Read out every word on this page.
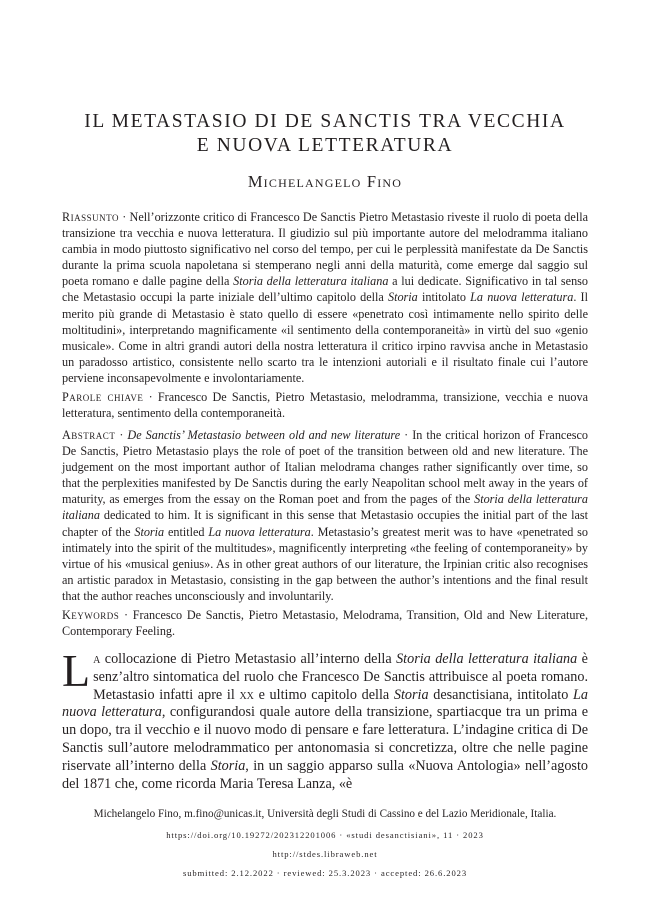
IL METASTASIO DI DE SANCTIS TRA VECCHIA
E NUOVA LETTERATURA
Michelangelo Fino

Riassunto · Nell’orizzonte critico di Francesco De Sanctis Pietro Metastasio riveste il ruolo di poeta della transizione tra vecchia e nuova letteratura. Il giudizio sul più importante autore del melodramma italiano cambia in modo piuttosto significativo nel corso del tempo, per cui le perplessità manifestate da De Sanctis durante la prima scuola napoletana si stemperano negli anni della maturità, come emerge dal saggio sul poeta romano e dalle pagine della Storia della letteratura italiana a lui dedicate. Significativo in tal senso che Metastasio occupi la parte iniziale dell’ultimo capitolo della Storia intitolato La nuova letteratura. Il merito più grande di Metastasio è stato quello di essere «penetrato così intimamente nello spirito delle moltitudini», interpretando magnificamente «il sentimento della contemporaneità» in virtù del suo «genio musicale». Come in altri grandi autori della nostra letteratura il critico irpino ravvisa anche in Metastasio un paradosso artistico, consistente nello scarto tra le intenzioni autoriali e il risultato finale cui l’autore perviene inconsapevolmente e involontariamente.

Parole chiave · Francesco De Sanctis, Pietro Metastasio, melodramma, transizione, vecchia e nuova letteratura, sentimento della contemporaneità.

Abstract · De Sanctis’ Metastasio between old and new literature · In the critical horizon of Francesco De Sanctis, Pietro Metastasio plays the role of poet of the transition between old and new literature. The judgement on the most important author of Italian melodrama changes rather significantly over time, so that the perplexities manifested by De Sanctis during the early Neapolitan school melt away in the years of maturity, as emerges from the essay on the Roman poet and from the pages of the Storia della letteratura italiana dedicated to him. It is significant in this sense that Metastasio occupies the initial part of the last chapter of the Storia entitled La nuova letteratura. Metastasio’s greatest merit was to have «penetrated so intimately into the spirit of the multitudes», magnificently interpreting «the feeling of contemporaneity» by virtue of his «musical genius». As in other great authors of our literature, the Irpinian critic also recognises an artistic paradox in Metastasio, consisting in the gap between the author’s intentions and the final result that the author reaches unconsciously and involuntarily.

Keywords · Francesco De Sanctis, Pietro Metastasio, Melodrama, Transition, Old and New Literature, Contemporary Feeling.

La collocazione di Pietro Metastasio all’interno della Storia della letteratura italiana è senz’altro sintomatica del ruolo che Francesco De Sanctis attribuisce al poeta romano. Metastasio infatti apre il xx e ultimo capitolo della Storia desanctisiana, intitolato La nuova letteratura, configurandosi quale autore della transizione, spartiacque tra un prima e un dopo, tra il vecchio e il nuovo modo di pensare e fare letteratura. L’indagine critica di De Sanctis sull’autore melodrammatico per antonomasia si concretizza, oltre che nelle pagine riservate all’interno della Storia, in un saggio apparso sulla «Nuova Antologia» nell’agosto del 1871 che, come ricorda Maria Teresa Lanza, «è

Michelangelo Fino, m.fino@unicas.it, Università degli Studi di Cassino e del Lazio Meridionale, Italia.

https://doi.org/10.19272/202312201006 · «studi desanctisiani», 11 · 2023

http://stdes.libraweb.net

submitted: 2.12.2022 · reviewed: 25.3.2023 · accepted: 26.6.2023
